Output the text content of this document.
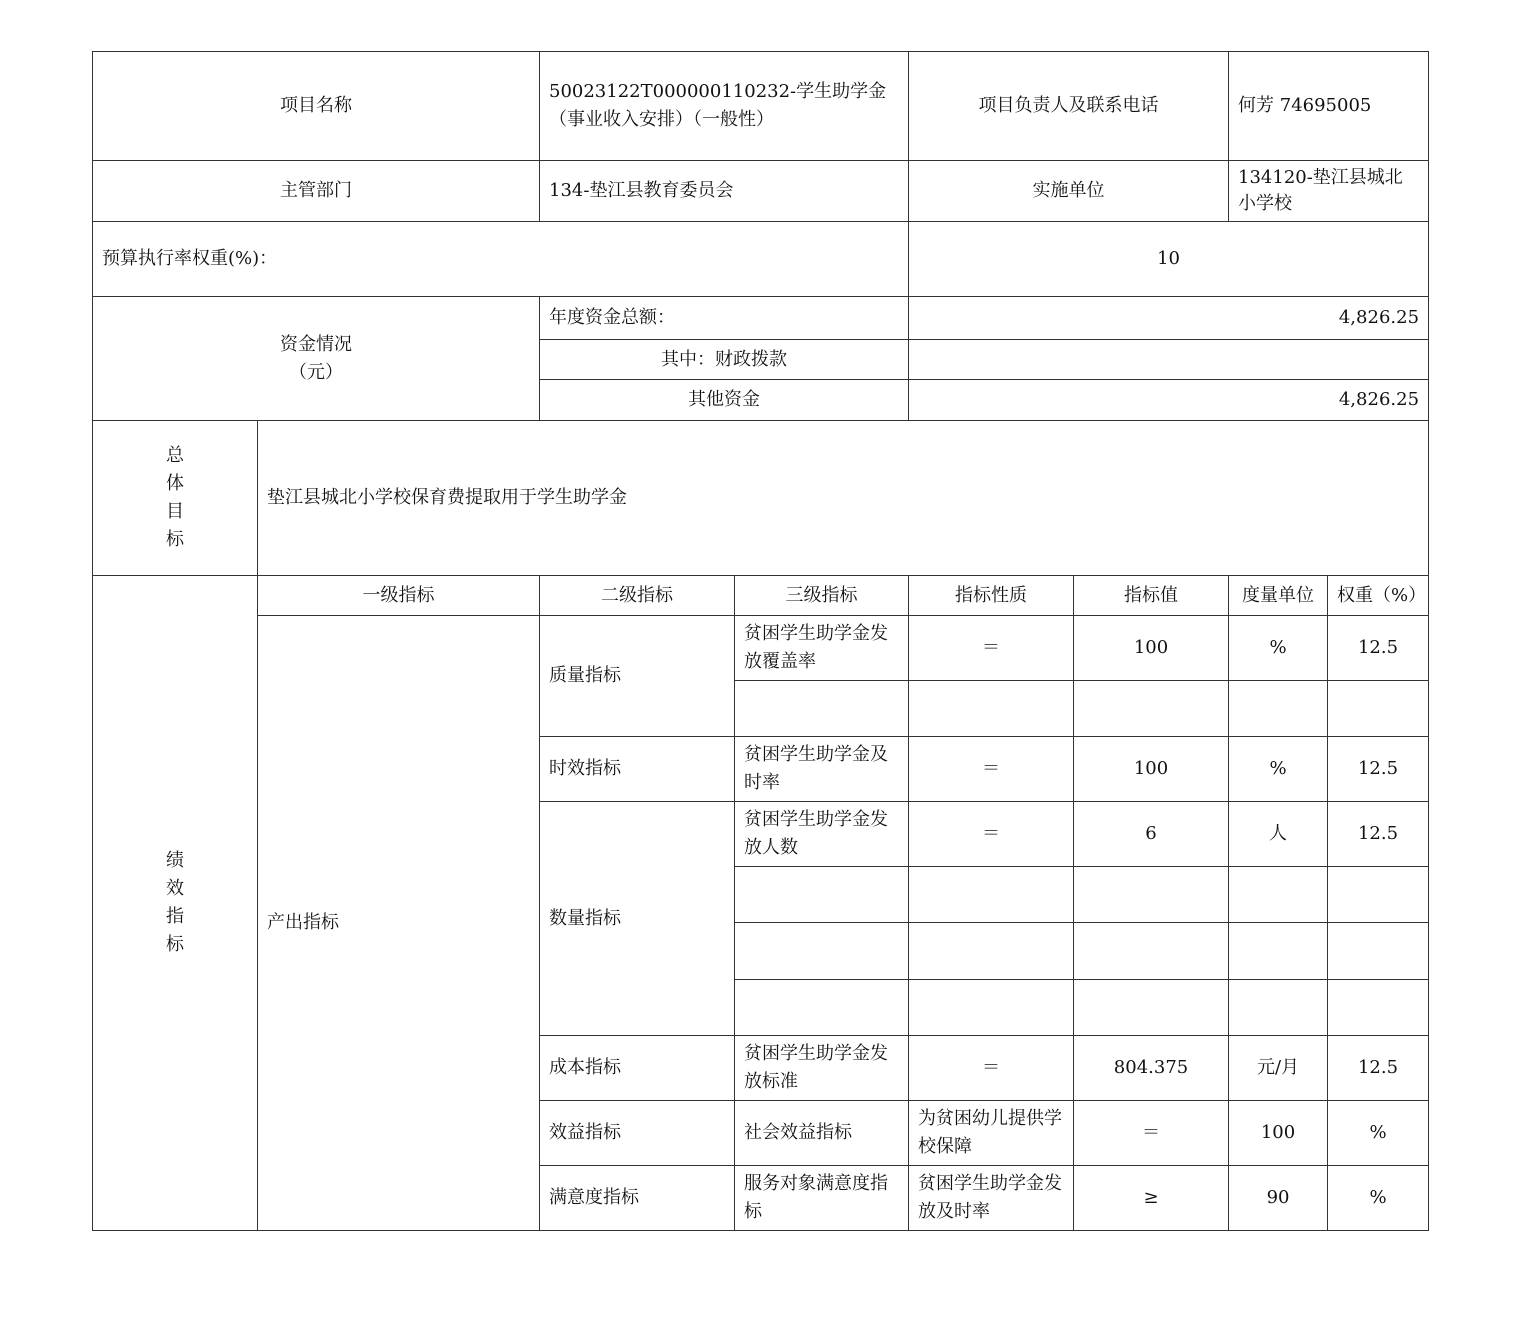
项目名称		50023122T000000110232-学生助学金（事业收入安排）（一般性）		项目负责人及联系电话		何芳 74695005		
主管部门		134-垫江县教育委员会		实施单位		134120-垫江县城北小学校		
预算执行率权重(%)：				10				

资金情况
（元）		年度资金总额：		4,826.25				
		其中：财政拨款						
		其他资金		4,826.25				

总
体
目
标	垫江县城北小学校保育费提取用于学生助学金							

绩
效
指
标	一级指标	二级指标	三级指标	指标性质	指标值	度量单位	权重（%）	
	产出指标	质量指标	贫困学生助学金发放覆盖率	＝	100	%	12.5	

		时效指标	贫困学生助学金及时率	＝	100	%	12.5	
		数量指标	贫困学生助学金发放人数	＝	6	人	12.5	

		成本指标	贫困学生助学金发放标准	＝	804.375	元/月	12.5	
		效益指标	社会效益指标	为贫困幼儿提供学校保障	＝	100	%	
		满意度指标	服务对象满意度指标	贫困学生助学金发放及时率	≥	90	%	
